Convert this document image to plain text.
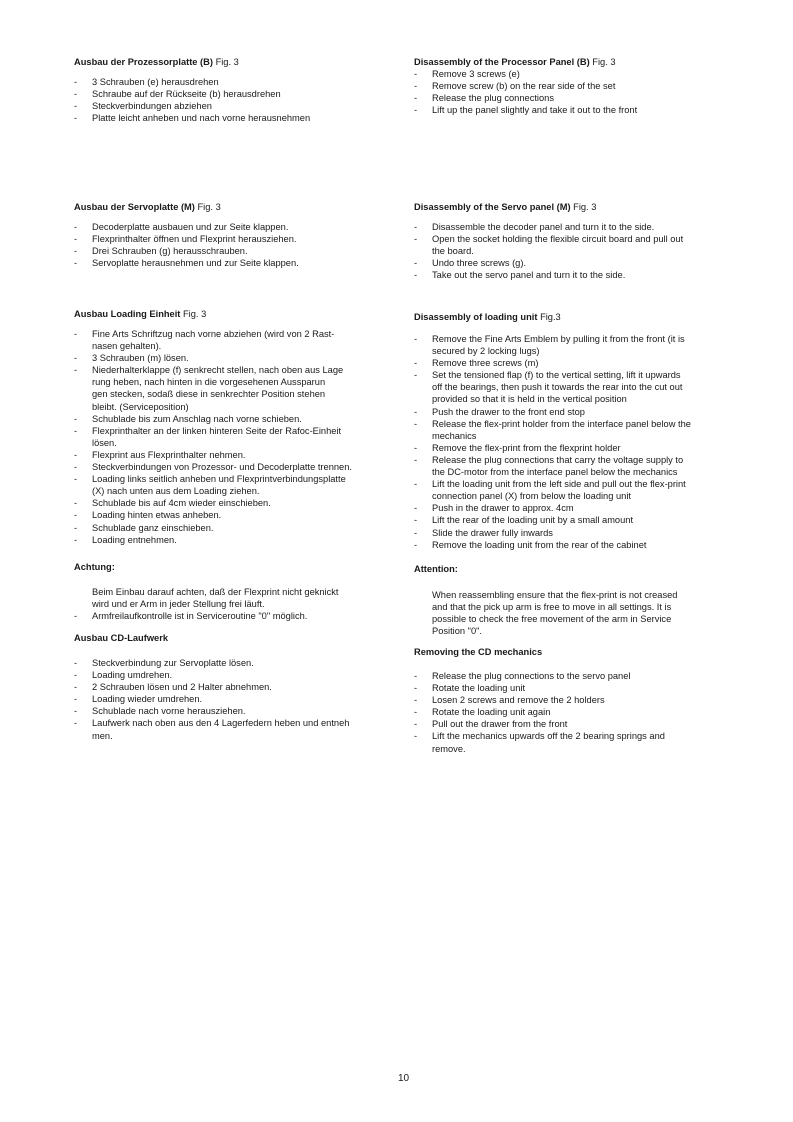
Ausbau der Prozessorplatte (B) Fig. 3
- 3 Schrauben (e) herausdrehen
- Schraube auf der Rückseite (b) herausdrehen
- Steckverbindungen abziehen
- Platte leicht anheben und nach vorne herausnehmen
Ausbau der Servoplatte (M) Fig. 3
- Decoderplatte ausbauen und zur Seite klappen.
- Flexprinthalter öffnen und Flexprint herausziehen.
- Drei Schrauben (g) herausschrauben.
- Servoplatte herausnehmen und zur Seite klappen.
Ausbau Loading Einheit Fig. 3
- Fine Arts Schriftzug nach vorne abziehen (wird von 2 Rast-
nasen gehalten).
- 3 Schrauben (m) lösen.
- Niederhalterklappe (f) senkrecht stellen, nach oben aus Lage
rung heben, nach hinten in die vorgesehenen Aussparun
gen stecken, sodaß diese in senkrechter Position stehen
bleibt. (Serviceposition)
- Schublade bis zum Anschlag nach vorne schieben.
- Flexprinthalter an der linken hinteren Seite der Rafoc-Einheit
lösen.
- Flexprint aus Flexprinthalter nehmen.
- Steckverbindungen von Prozessor- und Decoderplatte trennen.
- Loading links seitlich anheben und Flexprintverbindungsplatte
(X) nach unten aus dem Loading ziehen.
- Schublade bis auf 4cm wieder einschieben.
- Loading hinten etwas anheben.
- Schublade ganz einschieben.
- Loading entnehmen.
Achtung:

Beim Einbau darauf achten, daß der Flexprint nicht geknickt
wird und er Arm in jeder Stellung frei läuft.

- Armfreilaufkontrolle ist in Serviceroutine "0" möglich.
Ausbau CD-Laufwerk
- Steckverbindung zur Servoplatte lösen.
- Loading umdrehen.
- 2 Schrauben lösen und 2 Halter abnehmen.
- Loading wieder umdrehen.
- Schublade nach vorne herausziehen.
- Laufwerk nach oben aus den 4 Lagerfedern heben und entneh
men.
Disassembly of the Processor Panel (B) Fig. 3
- Remove 3 screws (e)
- Remove screw (b) on the rear side of the set
- Release the plug connections
- Lift up the panel slightly and take it out to the front
Disassembly of the Servo panel (M) Fig. 3
- Disassemble the decoder panel and turn it to the side.
- Open the socket holding the flexible circuit board and pull out
the board.
- Undo three screws (g).
- Take out the servo panel and turn it to the side.
Disassembly of loading unit Fig.3
- Remove the Fine Arts Emblem by pulling it from the front (it is
secured by 2 locking lugs)
- Remove three screws (m)
- Set the tensioned flap (f) to the vertical setting, lift it upwards
off the bearings, then push it towards the rear into the cut out
provided so that it is held in the vertical position
- Push the drawer to the front end stop
- Release the flex-print holder from the interface panel below the
mechanics
- Remove the flex-print from the flexprint holder
- Release the plug connections that carry the voltage supply to
the DC-motor from the interface panel below the mechanics
- Lift the loading unit from the left side and pull out the flex-print
connection panel (X) from below the loading unit
- Push in the drawer to approx. 4cm
- Lift the rear of the loading unit by a small amount
- Slide the drawer fully inwards
- Remove the loading unit from the rear of the cabinet
Attention:

When reassembling ensure that the flex-print is not creased
and that the pick up arm is free to move in all settings. It is
possible to check the free movement of the arm in Service
Position "0".

Removing the CD mechanics
- Release the plug connections to the servo panel
- Rotate the loading unit
- Losen 2 screws and remove the 2 holders
- Rotate the loading unit again
- Pull out the drawer from the front
- Lift the mechanics upwards off the 2 bearing springs and
remove.
10
